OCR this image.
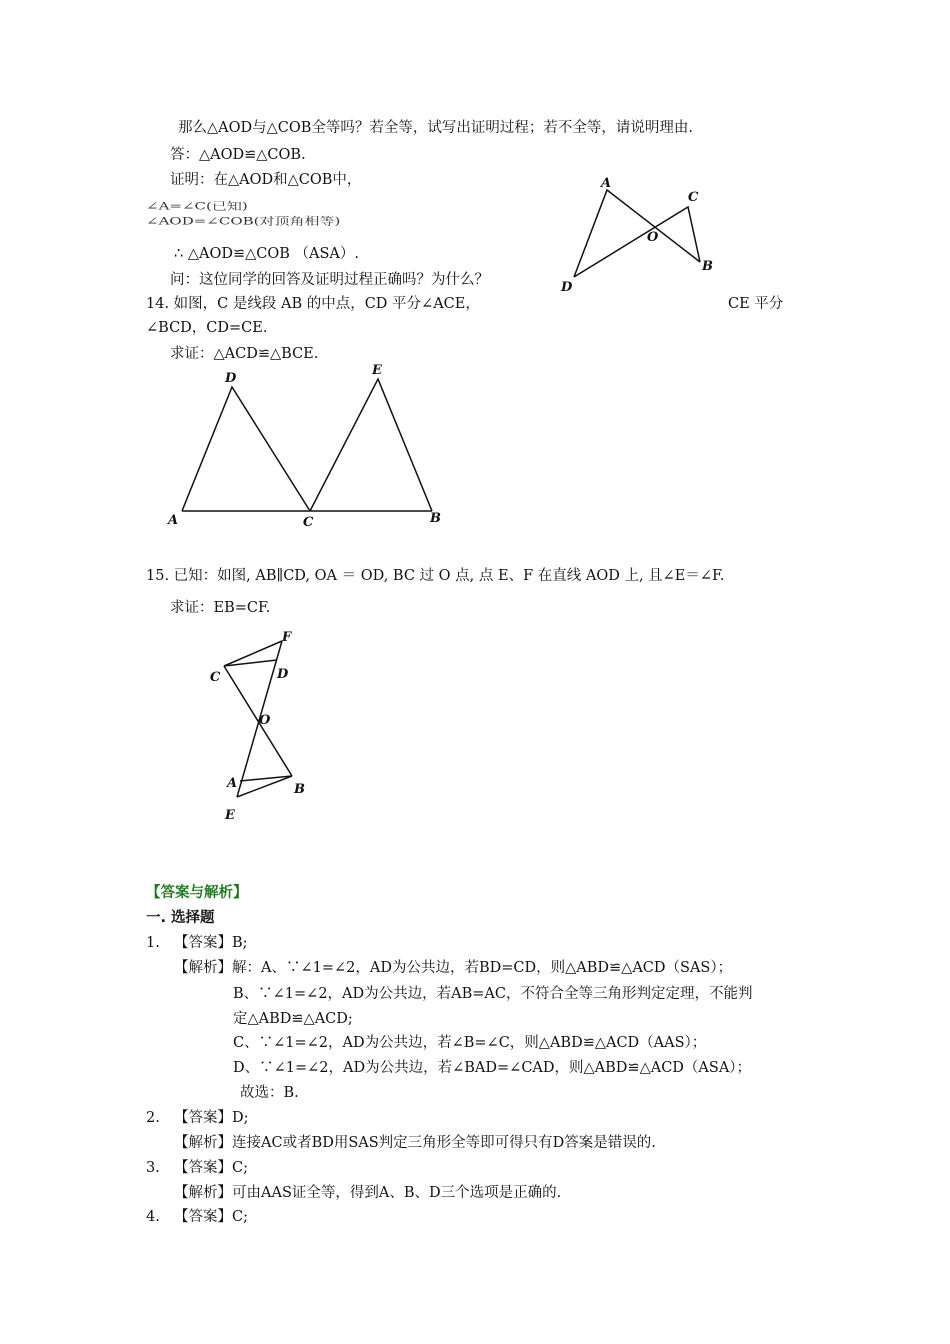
那么△AOD与△COB全等吗？若全等，试写出证明过程；若不全等，请说明理由.
答：△AOD≌△COB.
证明：在△AOD和△COB中，
∠A=∠C(已知)
∠AOD=∠COB(对顶角相等)
∴ △AOD≌△COB （ASA）.
问：这位同学的回答及证明过程正确吗？为什么？
A
C
O
B
D
14. 如图，C 是线段 AB 的中点，CD 平分∠ACE，	CE 平分
∠BCD，CD=CE.
求证：△ACD≌△BCE.
D
E
A	C	B
15. 已知：如图, AB∥CD, OA ＝ OD, BC 过 O 点, 点 E、F 在直线 AOD 上, 且∠E＝∠F.
求证：EB=CF.
F
C	D
O
A	B
E
【答案与解析】
一. 选择题
1. 【答案】B;
【解析】解：A、∵∠1=∠2，AD为公共边，若BD=CD，则△ABD≌△ACD（SAS）；
B、∵∠1=∠2，AD为公共边，若AB=AC，不符合全等三角形判定定理，不能判
定△ABD≌△ACD;
C、∵∠1=∠2，AD为公共边，若∠B=∠C，则△ABD≌△ACD（AAS）；
D、∵∠1=∠2，AD为公共边，若∠BAD=∠CAD，则△ABD≌△ACD（ASA）；
故选：B.
2. 【答案】D;
【解析】连接AC或者BD用SAS判定三角形全等即可得只有D答案是错误的.
3. 【答案】C;
【解析】可由AAS证全等，得到A、B、D三个选项是正确的.
4. 【答案】C;
